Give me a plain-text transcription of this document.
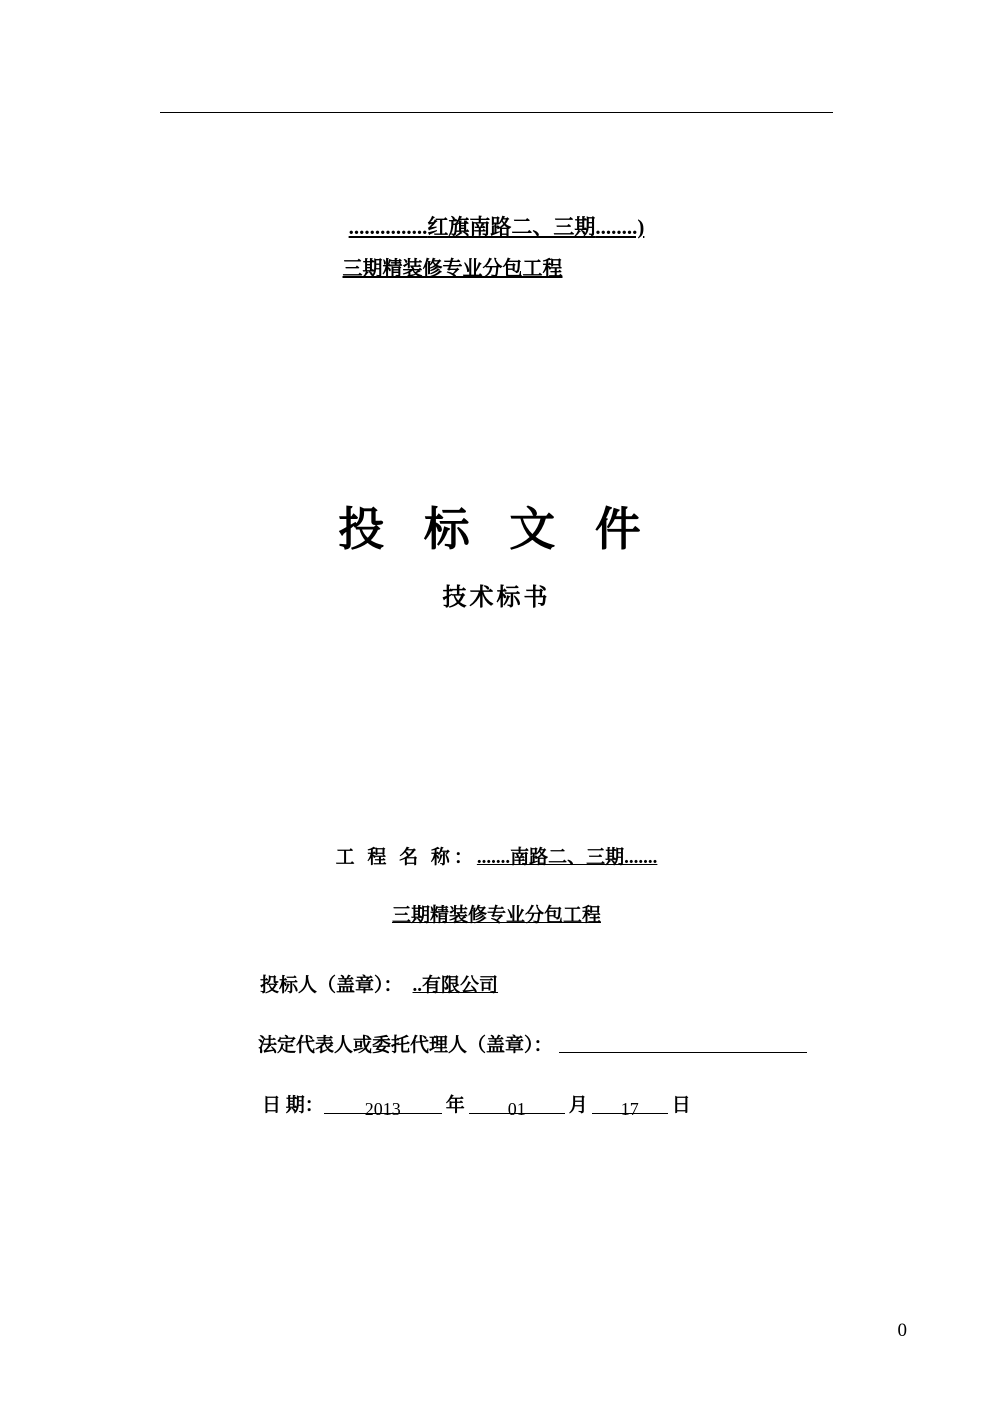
...............红旗南路二、三期........)
三期精装修专业分包工程
投 标 文 件
技术标书
工 程 名 称：.......南路二、三期.......
三期精装修专业分包工程
投标人（盖章）： ..有限公司
法定代表人或委托代理人（盖章）：
日 期： 2013 年 01 月 17 日
0
